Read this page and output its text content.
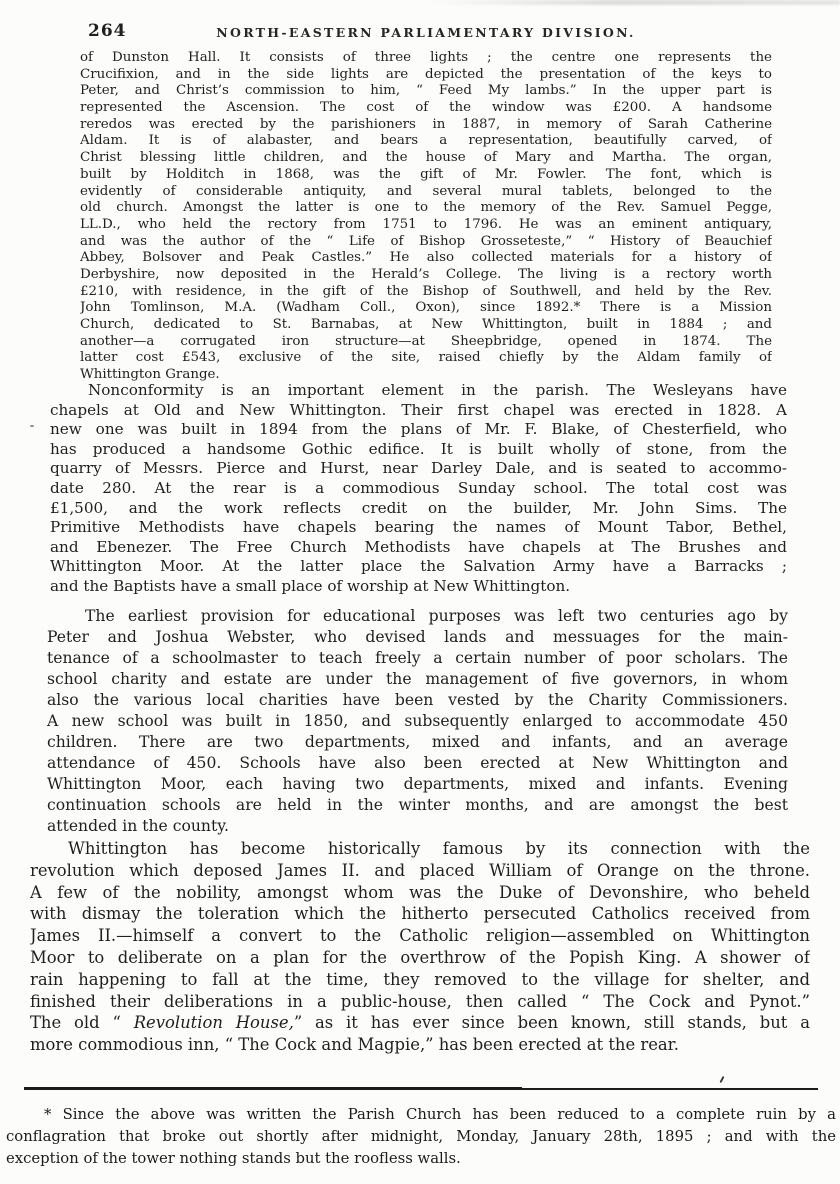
264	NORTH-EASTERN PARLIAMENTARY DIVISION.
of Dunston Hall. It consists of three lights ; the centre one represents the
Crucifixion, and in the side lights are depicted the presentation of the keys to
Peter, and Christ’s commission to him, “ Feed My lambs.” In the upper part is
represented the Ascension. The cost of the window was £200. A handsome
reredos was erected by the parishioners in 1887, in memory of Sarah Catherine
Aldam. It is of alabaster, and bears a representation, beautifully carved, of
Christ blessing little children, and the house of Mary and Martha. The organ,
built by Holditch in 1868, was the gift of Mr. Fowler. The font, which is
evidently of considerable antiquity, and several mural tablets, belonged to the
old church. Amongst the latter is one to the memory of the Rev. Samuel Pegge,
LL.D., who held the rectory from 1751 to 1796. He was an eminent antiquary,
and was the author of the “ Life of Bishop Grosseteste,” “ History of Beauchief
Abbey, Bolsover and Peak Castles.” He also collected materials for a history of
Derbyshire, now deposited in the Herald’s College. The living is a rectory worth
£210, with residence, in the gift of the Bishop of Southwell, and held by the Rev.
John Tomlinson, M.A. (Wadham Coll., Oxon), since 1892.* There is a Mission
Church, dedicated to St. Barnabas, at New Whittington, built in 1884 ; and
another—a corrugated iron structure—at Sheepbridge, opened in 1874. The
latter cost £543, exclusive of the site, raised chiefly by the Aldam family of
Whittington Grange.
Nonconformity is an important element in the parish. The Wesleyans have
chapels at Old and New Whittington. Their first chapel was erected in 1828. A
new one was built in 1894 from the plans of Mr. F. Blake, of Chesterfield, who
has produced a handsome Gothic edifice. It is built wholly of stone, from the
quarry of Messrs. Pierce and Hurst, near Darley Dale, and is seated to accommo-
date 280. At the rear is a commodious Sunday school. The total cost was
£1,500, and the work reflects credit on the builder, Mr. John Sims. The
Primitive Methodists have chapels bearing the names of Mount Tabor, Bethel,
and Ebenezer. The Free Church Methodists have chapels at The Brushes and
Whittington Moor. At the latter place the Salvation Army have a Barracks ;
and the Baptists have a small place of worship at New Whittington.
The earliest provision for educational purposes was left two centuries ago by
Peter and Joshua Webster, who devised lands and messuages for the main-
tenance of a schoolmaster to teach freely a certain number of poor scholars. The
school charity and estate are under the management of five governors, in whom
also the various local charities have been vested by the Charity Commissioners.
A new school was built in 1850, and subsequently enlarged to accommodate 450
children. There are two departments, mixed and infants, and an average
attendance of 450. Schools have also been erected at New Whittington and
Whittington Moor, each having two departments, mixed and infants. Evening
continuation schools are held in the winter months, and are amongst the best
attended in the county.
Whittington has become historically famous by its connection with the
revolution which deposed James II. and placed William of Orange on the throne.
A few of the nobility, amongst whom was the Duke of Devonshire, who beheld
with dismay the toleration which the hitherto persecuted Catholics received from
James II.—himself a convert to the Catholic religion—assembled on Whittington
Moor to deliberate on a plan for the overthrow of the Popish King. A shower of
rain happening to fall at the time, they removed to the village for shelter, and
finished their deliberations in a public-house, then called “ The Cock and Pynot.”
The old “ Revolution House,” as it has ever since been known, still stands, but a
more commodious inn, “ The Cock and Magpie,” has been erected at the rear.
* Since the above was written the Parish Church has been reduced to a complete ruin by a
conflagration that broke out shortly after midnight, Monday, January 28th, 1895 ; and with the
exception of the tower nothing stands but the roofless walls.
